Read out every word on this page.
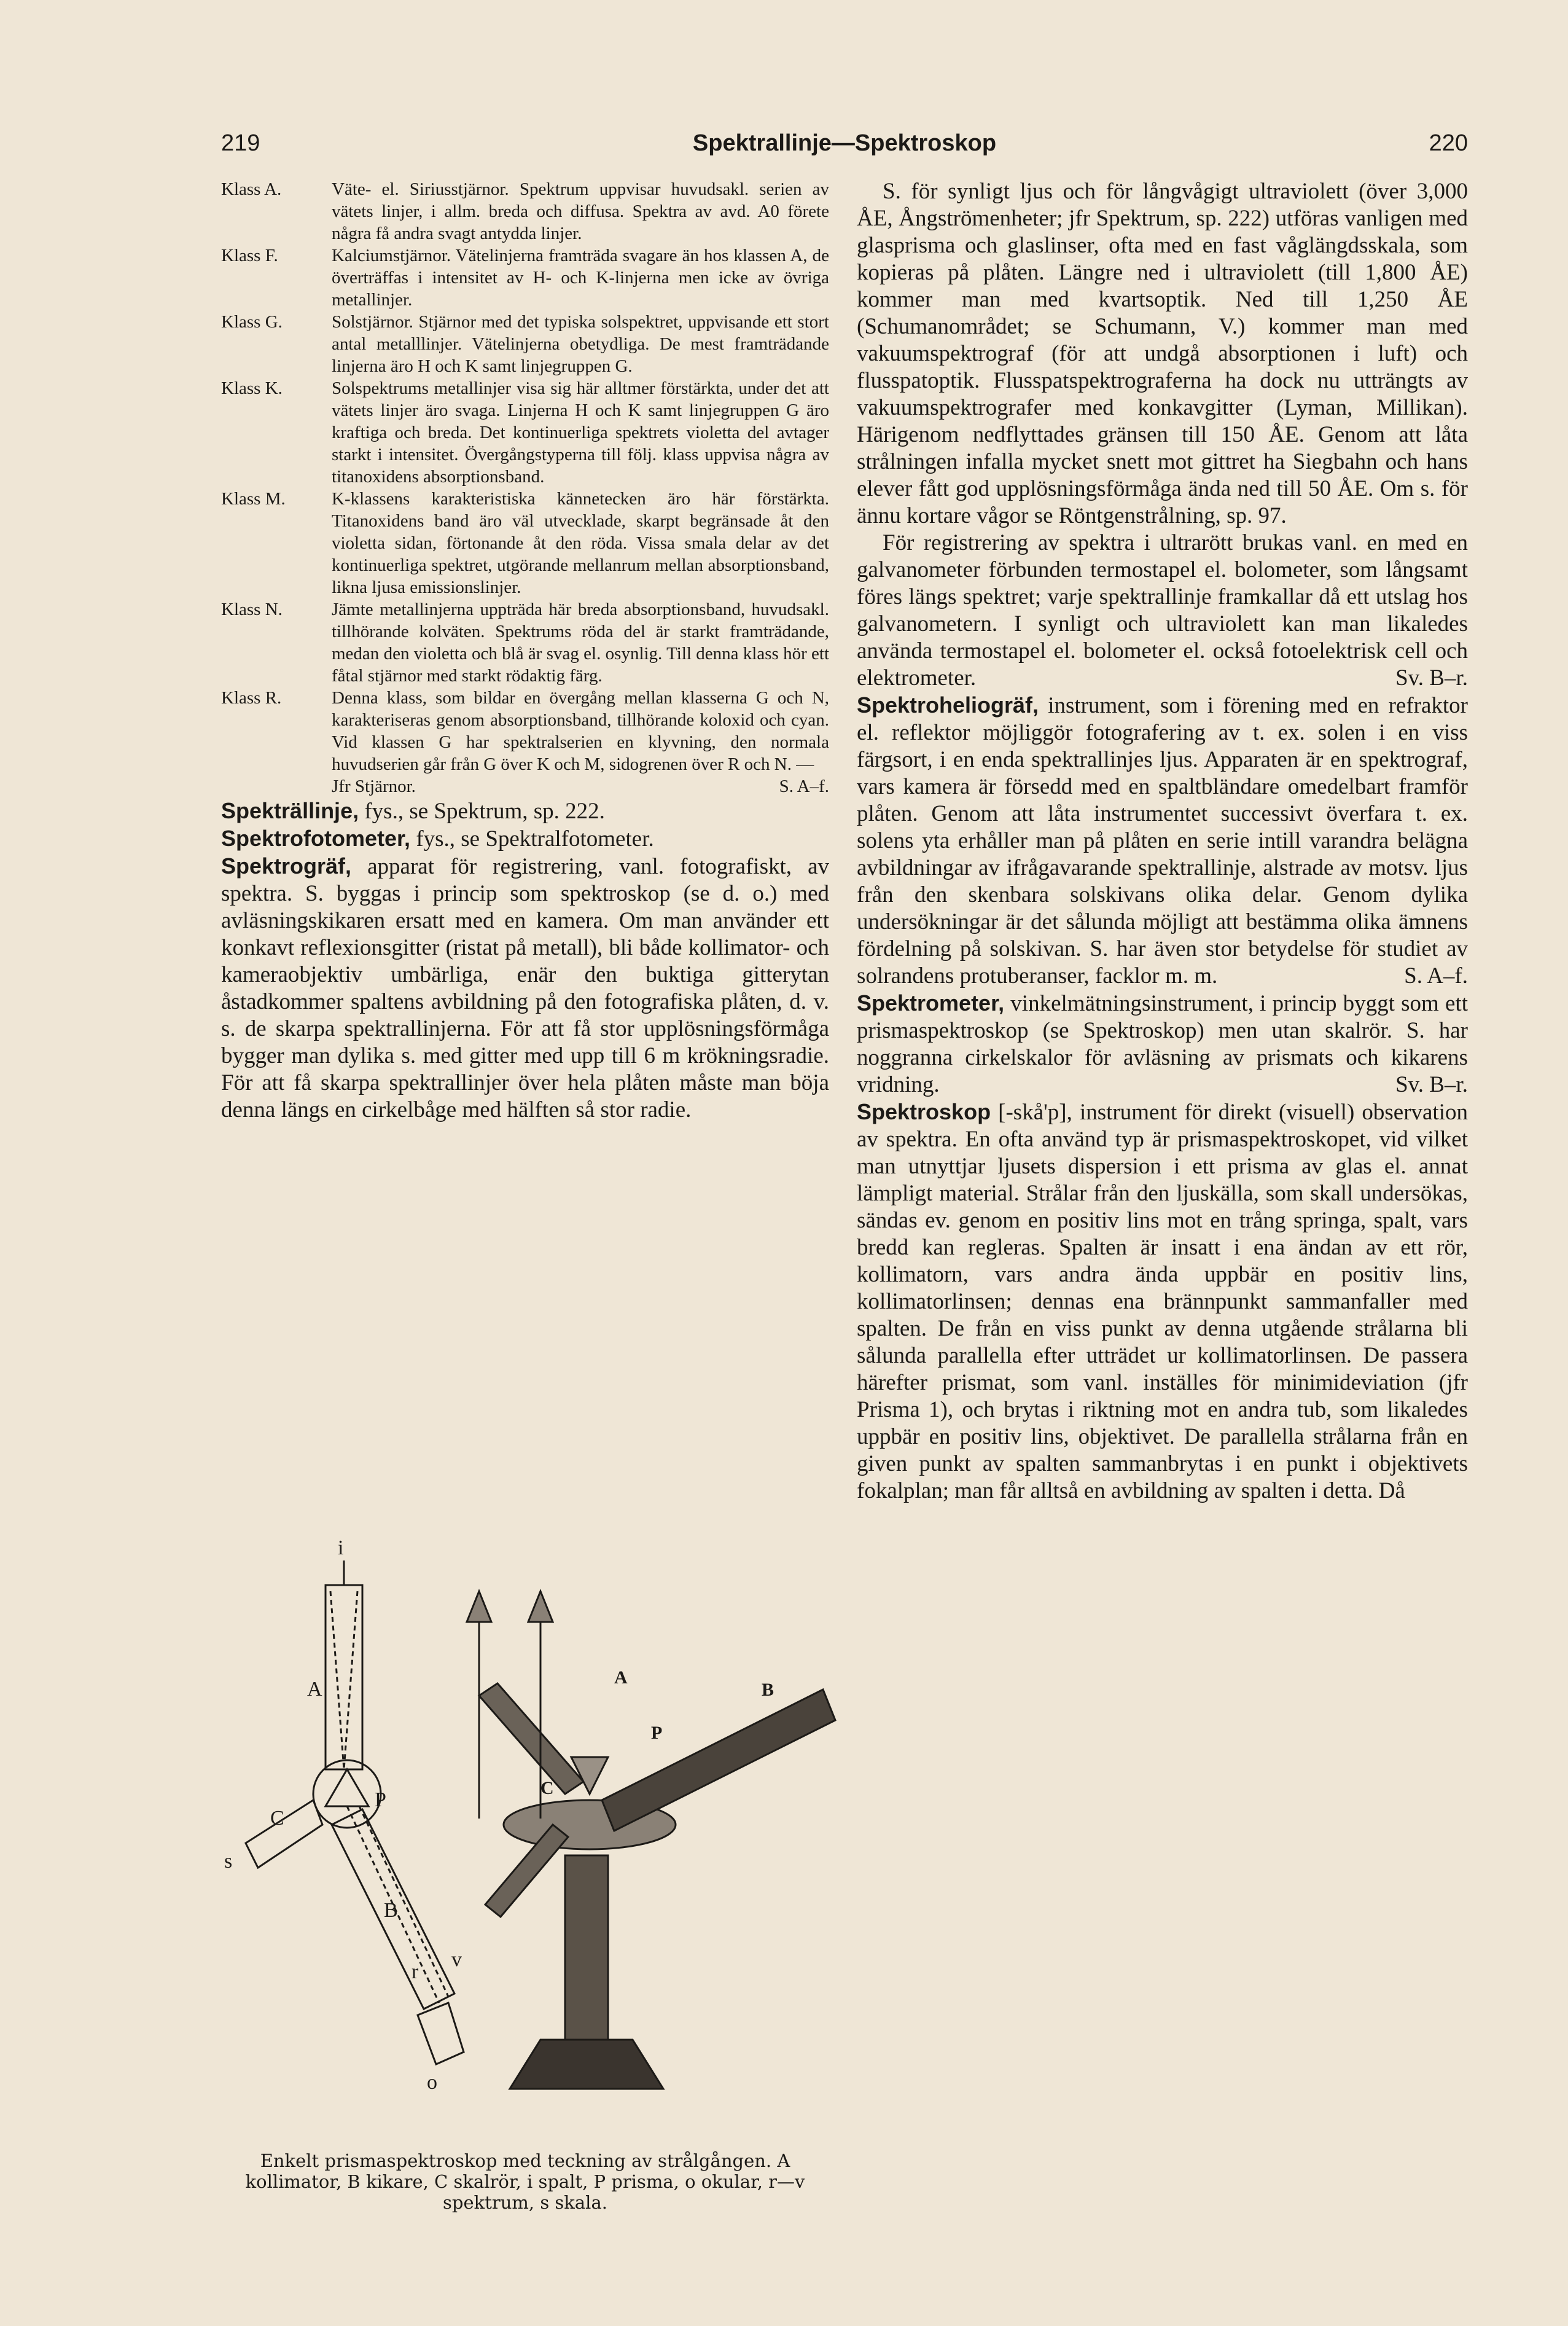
219	Spektrallinje—Spektroskop	220
Klass A.	Väte- el. Siriusstjärnor. Spektrum uppvisar huvudsakl. serien av vätets linjer, i allm. breda och diffusa. Spektra av avd. A0 förete några få andra svagt antydda linjer.
Klass F.	Kalciumstjärnor. Vätelinjerna framträda svagare än hos klassen A, de överträffas i intensitet av H- och K-linjerna men icke av övriga metallinjer.
Klass G.	Solstjärnor. Stjärnor med det typiska solspektret, uppvisande ett stort antal metalllinjer. Vätelinjerna obetydliga. De mest framträdande linjerna äro H och K samt linjegruppen G.
Klass K.	Solspektrums metallinjer visa sig här alltmer förstärkta, under det att vätets linjer äro svaga. Linjerna H och K samt linjegruppen G äro kraftiga och breda. Det kontinuerliga spektrets violetta del avtager starkt i intensitet. Övergångstyperna till följ. klass uppvisa några av titanoxidens absorptionsband.
Klass M.	K-klassens karakteristiska kännetecken äro här förstärkta. Titanoxidens band äro väl utvecklade, skarpt begränsade åt den violetta sidan, förtonande åt den röda. Vissa smala delar av det kontinuerliga spektret, utgörande mellanrum mellan absorptionsband, likna ljusa emissionslinjer.
Klass N.	Jämte metallinjerna uppträda här breda absorptionsband, huvudsakl. tillhörande kolväten. Spektrums röda del är starkt framträdande, medan den violetta och blå är svag el. osynlig. Till denna klass hör ett fåtal stjärnor med starkt rödaktig färg.
Klass R.	Denna klass, som bildar en övergång mellan klasserna G och N, karakteriseras genom absorptionsband, tillhörande koloxid och cyan. Vid klassen G har spektralserien en klyvning, den normala huvudserien går från G över K och M, sidogrenen över R och N. —
Jfr Stjärnor.	S. A–f.

Spekträllinje, fys., se Spektrum, sp. 222.

Spektrofotometer, fys., se Spektralfotometer.

Spektrogräf, apparat för registrering, vanl. fotografiskt, av spektra. S. byggas i princip som spektroskop (se d. o.) med avläsningskikaren ersatt med en kamera. Om man använder ett konkavt reflexionsgitter (ristat på metall), bli både kollimator- och kameraobjektiv umbärliga, enär den buktiga gitterytan åstadkommer spaltens avbildning på den fotografiska plåten, d. v. s. de skarpa spektrallinjerna. För att få stor upplösningsförmåga bygger man dylika s. med gitter med upp till 6 m krökningsradie. För att få skarpa spektrallinjer över hela plåten måste man böja denna längs en cirkelbåge med hälften så stor radie.

S. för synligt ljus och för långvågigt ultraviolett (över 3,000 ÅE, Ångströmenheter; jfr Spektrum, sp. 222) utföras vanligen med glasprisma och glaslinser, ofta med en fast våglängdsskala, som kopieras på plåten. Längre ned i ultraviolett (till 1,800 ÅE) kommer man med kvartsoptik. Ned till 1,250 ÅE (Schumanområdet; se Schumann, V.) kommer man med vakuumspektrograf (för att undgå absorptionen i luft) och flusspatoptik. Flusspatspektrograferna ha dock nu utträngts av vakuumspektrografer med konkavgitter (Lyman, Millikan). Härigenom nedflyttades gränsen till 150 ÅE. Genom att låta strålningen infalla mycket snett mot gittret ha Siegbahn och hans elever fått god upplösningsförmåga ända ned till 50 ÅE. Om s. för ännu kortare vågor se Röntgenstrålning, sp. 97.

För registrering av spektra i ultrarött brukas vanl. en med en galvanometer förbunden termostapel el. bolometer, som långsamt föres längs spektret; varje spektrallinje framkallar då ett utslag hos galvanometern. I synligt och ultraviolett kan man likaledes använda termostapel el. bolometer el. också fotoelektrisk cell och elektrometer.	Sv. B–r.

Spektroheliogräf, instrument, som i förening med en refraktor el. reflektor möjliggör fotografering av t. ex. solen i en viss färgsort, i en enda spektrallinjes ljus. Apparaten är en spektrograf, vars kamera är försedd med en spaltbländare omedelbart framför plåten. Genom att låta instrumentet successivt överfara t. ex. solens yta erhåller man på plåten en serie intill varandra belägna avbildningar av ifrågavarande spektrallinje, alstrade av motsv. ljus från den skenbara solskivans olika delar. Genom dylika undersökningar är det sålunda möjligt att bestämma olika ämnens fördelning på solskivan. S. har även stor betydelse för studiet av solrandens protuberanser, facklor m. m.	S. A–f.

Spektrometer, vinkelmätningsinstrument, i princip byggt som ett prismaspektroskop (se Spektroskop) men utan skalrör. S. har noggranna cirkelskalor för avläsning av prismats och kikarens vridning.	Sv. B–r.

Spektroskop [-skå'p], instrument för direkt (visuell) observation av spektra. En ofta använd typ är prismaspektroskopet, vid vilket man utnyttjar ljusets dispersion i ett prisma av glas el. annat lämpligt material. Strålar från den ljuskälla, som skall undersökas, sändas ev. genom en positiv lins mot en trång springa, spalt, vars bredd kan regleras. Spalten är insatt i ena ändan av ett rör, kollimatorn, vars andra ända uppbär en positiv lins, kollimatorlinsen; dennas ena brännpunkt sammanfaller med spalten. De från en viss punkt av denna utgående strålarna bli sålunda parallella efter utträdet ur kollimatorlinsen. De passera härefter prismat, som vanl. inställes för minimideviation (jfr Prisma 1), och brytas i riktning mot en andra tub, som likaledes uppbär en positiv lins, objektivet. De parallella strålarna från en given punkt av spalten sammanbrytas i en punkt i objektivets fokalplan; man får alltså en avbildning av spalten i detta. Då

i
A
P
C
s
B
r
v
o
A
B
C
P
Enkelt prismaspektroskop med teckning av strålgången. A kollimator, B kikare, C skalrör, i spalt, P prisma, o okular, r—v spektrum, s skala.
